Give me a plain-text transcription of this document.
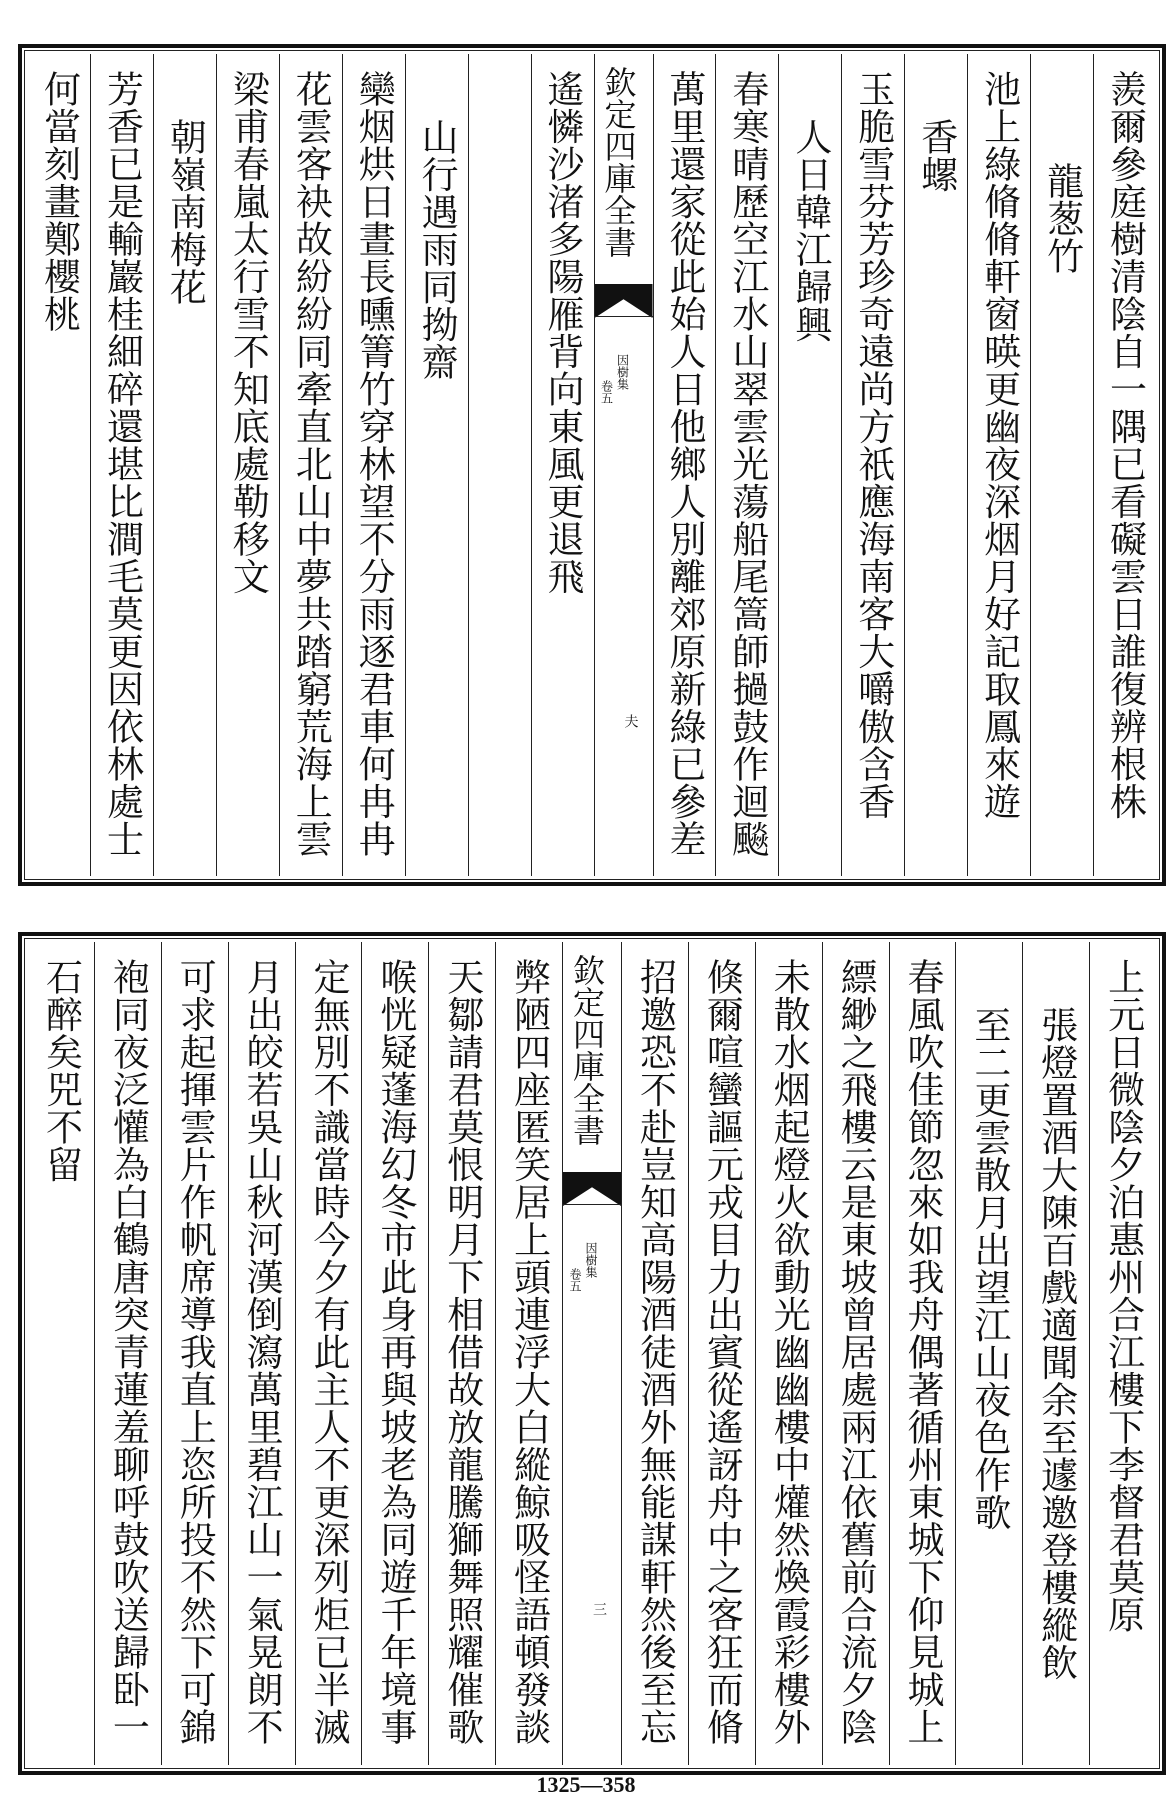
羨爾參庭樹清陰自一隅已看礙雲日誰復辨根株
龍葱竹
池上綠脩脩軒窗暎更幽夜深烟月好記取鳳來遊
香螺
玉脆雪芬芳珍奇遠尚方祇應海南客大嚼傲含香
人日韓江歸興
春寒晴歷空江水山翠雲光蕩船尾篙師撾鼓作迴飈
萬里還家從此始人日他鄉人別離郊原新綠已參差
欽定四庫全書
因樹集
卷五
夫
遙憐沙渚多陽雁背向東風更退飛
山行遇雨同拗齋
欒烟烘日晝長曛箐竹穿林望不分雨逐君車何冉冉
花雲客袂故紛紛同牽直北山中夢共踏窮荒海上雲
梁甫春嵐太行雪不知底處勒移文
朝嶺南梅花
芳香已是輸巖桂細碎還堪比澗毛莫更因依林處士
何當刻畫鄭櫻桃
上元日微陰夕泊惠州合江樓下李督君莫原
張燈置酒大陳百戲適聞余至遽邀登樓縱飲
至二更雲散月出望江山夜色作歌
春風吹佳節忽來如我舟偶著循州東城下仰見城上
縹緲之飛樓云是東坡曾居處兩江依舊前合流夕陰
未散水烟起燈火欲動光幽幽樓中爟然煥霞彩樓外
倏爾喧蠻謳元戎目力出賓從遙訝舟中之客狂而脩
招邀恐不赴豈知高陽酒徒酒外無能謀軒然後至忘
欽定四庫全書
因樹集
卷五
三
弊陋四座匿笑居上頭連浮大白縱鯨吸怪語頓發談
天鄒請君莫恨明月下相借故放龍騰獅舞照耀催歌
喉恍疑蓬海幻冬市此身再與坡老為同遊千年境事
定無別不識當時今夕有此主人不更深列炬已半滅
月出皎若吳山秋河漢倒瀉萬里碧江山一氣晃朗不
可求起揮雲片作帆席導我直上恣所投不然下可錦
袍同夜泛懽為白鶴唐突青蓮羞聊呼鼓吹送歸卧一
石醉矣兕不留
1325—358
